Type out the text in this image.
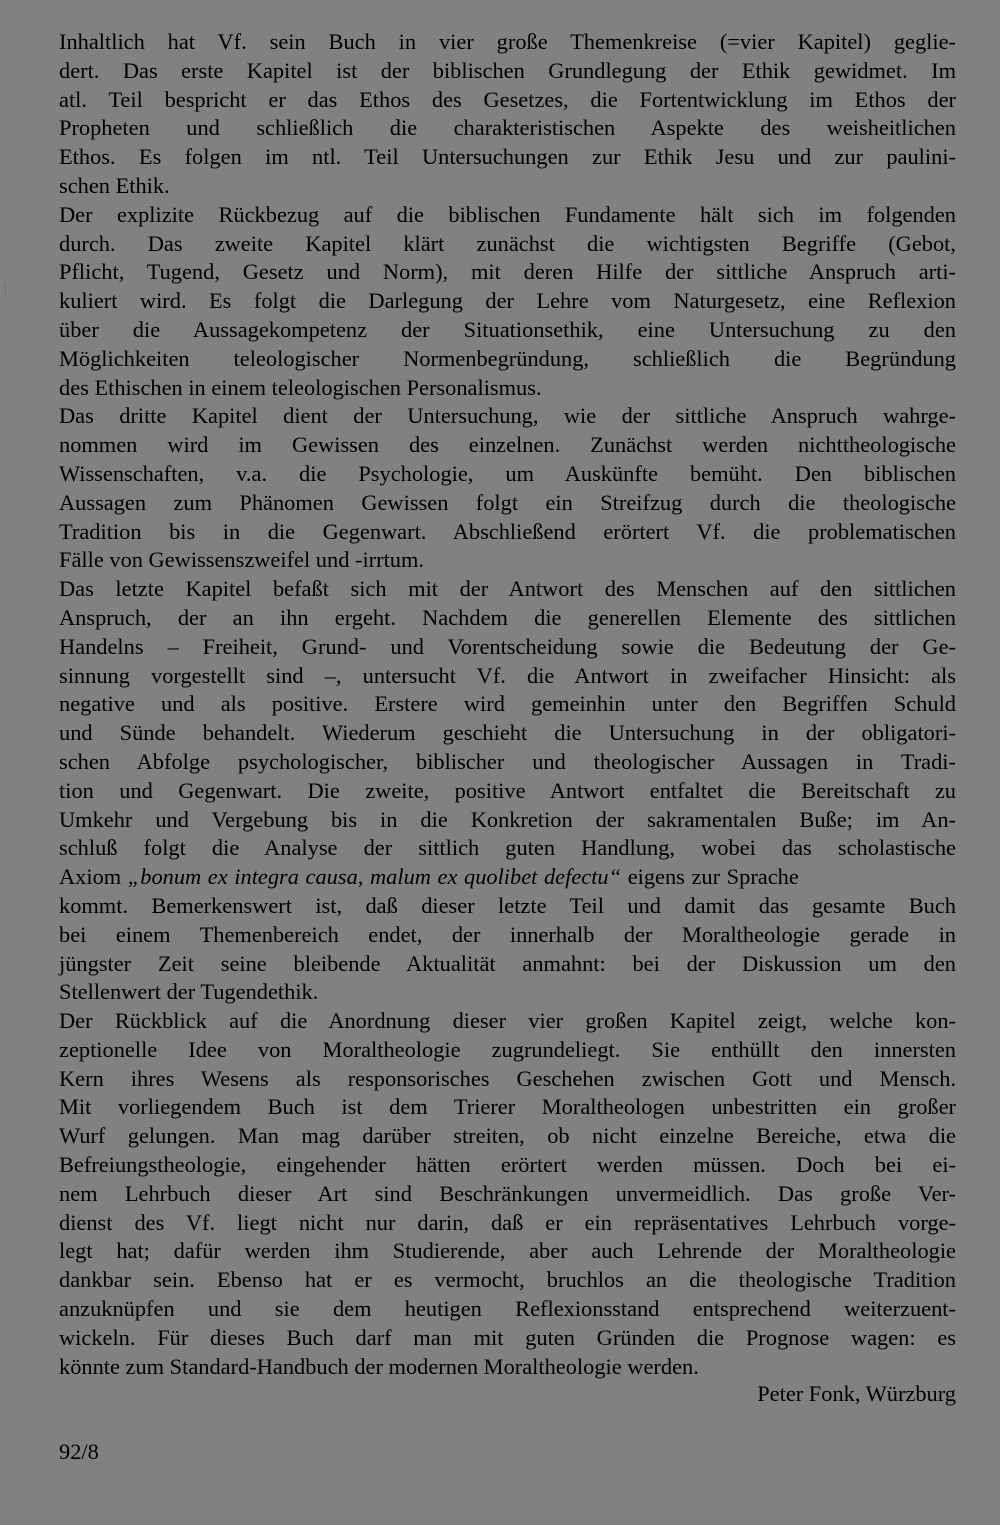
Inhaltlich hat Vf. sein Buch in vier große Themenkreise (=vier Kapitel) geglie-
dert. Das erste Kapitel ist der biblischen Grundlegung der Ethik gewidmet. Im
atl. Teil bespricht er das Ethos des Gesetzes, die Fortentwicklung im Ethos der
Propheten und schließlich die charakteristischen Aspekte des weisheitlichen
Ethos. Es folgen im ntl. Teil Untersuchungen zur Ethik Jesu und zur paulini-
schen Ethik.
Der explizite Rückbezug auf die biblischen Fundamente hält sich im folgenden
durch. Das zweite Kapitel klärt zunächst die wichtigsten Begriffe (Gebot,
Pflicht, Tugend, Gesetz und Norm), mit deren Hilfe der sittliche Anspruch arti-
kuliert wird. Es folgt die Darlegung der Lehre vom Naturgesetz, eine Reflexion
über die Aussagekompetenz der Situationsethik, eine Untersuchung zu den
Möglichkeiten teleologischer Normenbegründung, schließlich die Begründung
des Ethischen in einem teleologischen Personalismus.
Das dritte Kapitel dient der Untersuchung, wie der sittliche Anspruch wahrge-
nommen wird im Gewissen des einzelnen. Zunächst werden nichttheologische
Wissenschaften, v.a. die Psychologie, um Auskünfte bemüht. Den biblischen
Aussagen zum Phänomen Gewissen folgt ein Streifzug durch die theologische
Tradition bis in die Gegenwart. Abschließend erörtert Vf. die problematischen
Fälle von Gewissenszweifel und -irrtum.
Das letzte Kapitel befaßt sich mit der Antwort des Menschen auf den sittlichen
Anspruch, der an ihn ergeht. Nachdem die generellen Elemente des sittlichen
Handelns – Freiheit, Grund- und Vorentscheidung sowie die Bedeutung der Ge-
sinnung vorgestellt sind –, untersucht Vf. die Antwort in zweifacher Hinsicht: als
negative und als positive. Erstere wird gemeinhin unter den Begriffen Schuld
und Sünde behandelt. Wiederum geschieht die Untersuchung in der obligatori-
schen Abfolge psychologischer, biblischer und theologischer Aussagen in Tradi-
tion und Gegenwart. Die zweite, positive Antwort entfaltet die Bereitschaft zu
Umkehr und Vergebung bis in die Konkretion der sakramentalen Buße; im An-
schluß folgt die Analyse der sittlich guten Handlung, wobei das scholastische
Axiom „bonum ex integra causa, malum ex quolibet defectu“ eigens zur Sprache
kommt. Bemerkenswert ist, daß dieser letzte Teil und damit das gesamte Buch
bei einem Themenbereich endet, der innerhalb der Moraltheologie gerade in
jüngster Zeit seine bleibende Aktualität anmahnt: bei der Diskussion um den
Stellenwert der Tugendethik.
Der Rückblick auf die Anordnung dieser vier großen Kapitel zeigt, welche kon-
zeptionelle Idee von Moraltheologie zugrundeliegt. Sie enthüllt den innersten
Kern ihres Wesens als responsorisches Geschehen zwischen Gott und Mensch.
Mit vorliegendem Buch ist dem Trierer Moraltheologen unbestritten ein großer
Wurf gelungen. Man mag darüber streiten, ob nicht einzelne Bereiche, etwa die
Befreiungstheologie, eingehender hätten erörtert werden müssen. Doch bei ei-
nem Lehrbuch dieser Art sind Beschränkungen unvermeidlich. Das große Ver-
dienst des Vf. liegt nicht nur darin, daß er ein repräsentatives Lehrbuch vorge-
legt hat; dafür werden ihm Studierende, aber auch Lehrende der Moraltheologie
dankbar sein. Ebenso hat er es vermocht, bruchlos an die theologische Tradition
anzuknüpfen und sie dem heutigen Reflexionsstand entsprechend weiterzuent-
wickeln. Für dieses Buch darf man mit guten Gründen die Prognose wagen: es
könnte zum Standard-Handbuch der modernen Moraltheologie werden.
Peter Fonk, Würzburg
92/8
